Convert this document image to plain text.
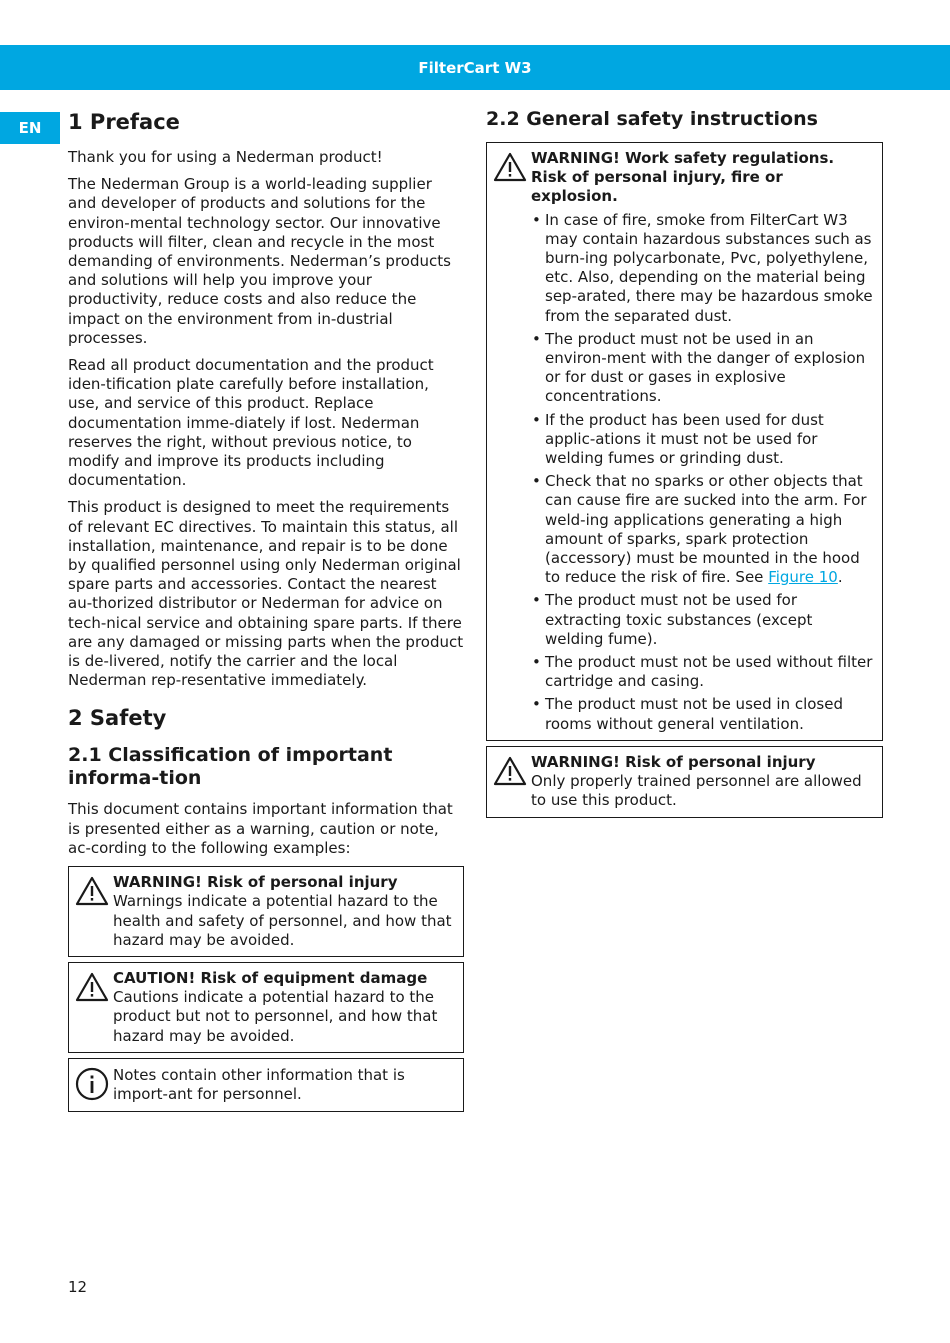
FilterCart W3
EN	1 Preface

Thank you for using a Nederman product!

The Nederman Group is a world-leading supplier and developer of products and solutions for the environ-mental technology sector. Our innovative products will filter, clean and recycle in the most demanding of environments. Nederman’s products and solutions will help you improve your productivity, reduce costs and also reduce the impact on the environment from in-dustrial processes.

Read all product documentation and the product iden-tification plate carefully before installation, use, and service of this product. Replace documentation imme-diately if lost. Nederman reserves the right, without previous notice, to modify and improve its products including documentation.

This product is designed to meet the requirements of relevant EC directives. To maintain this status, all installation, maintenance, and repair is to be done by qualified personnel using only Nederman original spare parts and accessories. Contact the nearest au-thorized distributor or Nederman for advice on tech-nical service and obtaining spare parts. If there are any damaged or missing parts when the product is de-livered, notify the carrier and the local Nederman rep-resentative immediately.

2 Safety
2.1 Classification of important informa-tion

This document contains important information that is presented either as a warning, caution or note, ac-cording to the following examples:

WARNING! Risk of personal injury
Warnings indicate a potential hazard to the health and safety of personnel, and how that hazard may be avoided.
CAUTION! Risk of equipment damage
Cautions indicate a potential hazard to the product but not to personnel, and how that hazard may be avoided.
Notes contain other information that is import-ant for personnel.
2.2 General safety instructions
WARNING! Work safety regulations. Risk of personal injury, fire or explosion.
• In case of fire, smoke from FilterCart W3 may contain hazardous substances such as burn-ing polycarbonate, Pvc, polyethylene, etc. Also, depending on the material being sep-arated, there may be hazardous smoke from the separated dust.
• The product must not be used in an environ-ment with the danger of explosion or for dust or gases in explosive concentrations.
• If the product has been used for dust applic-ations it must not be used for welding fumes or grinding dust.
• Check that no sparks or other objects that can cause fire are sucked into the arm. For weld-ing applications generating a high amount of sparks, spark protection (accessory) must be mounted in the hood to reduce the risk of fire. See Figure 10.
• The product must not be used for extracting toxic substances (except welding fume).
• The product must not be used without filter cartridge and casing.
• The product must not be used in closed rooms without general ventilation.
WARNING! Risk of personal injury
Only properly trained personnel are allowed to use this product.
12
